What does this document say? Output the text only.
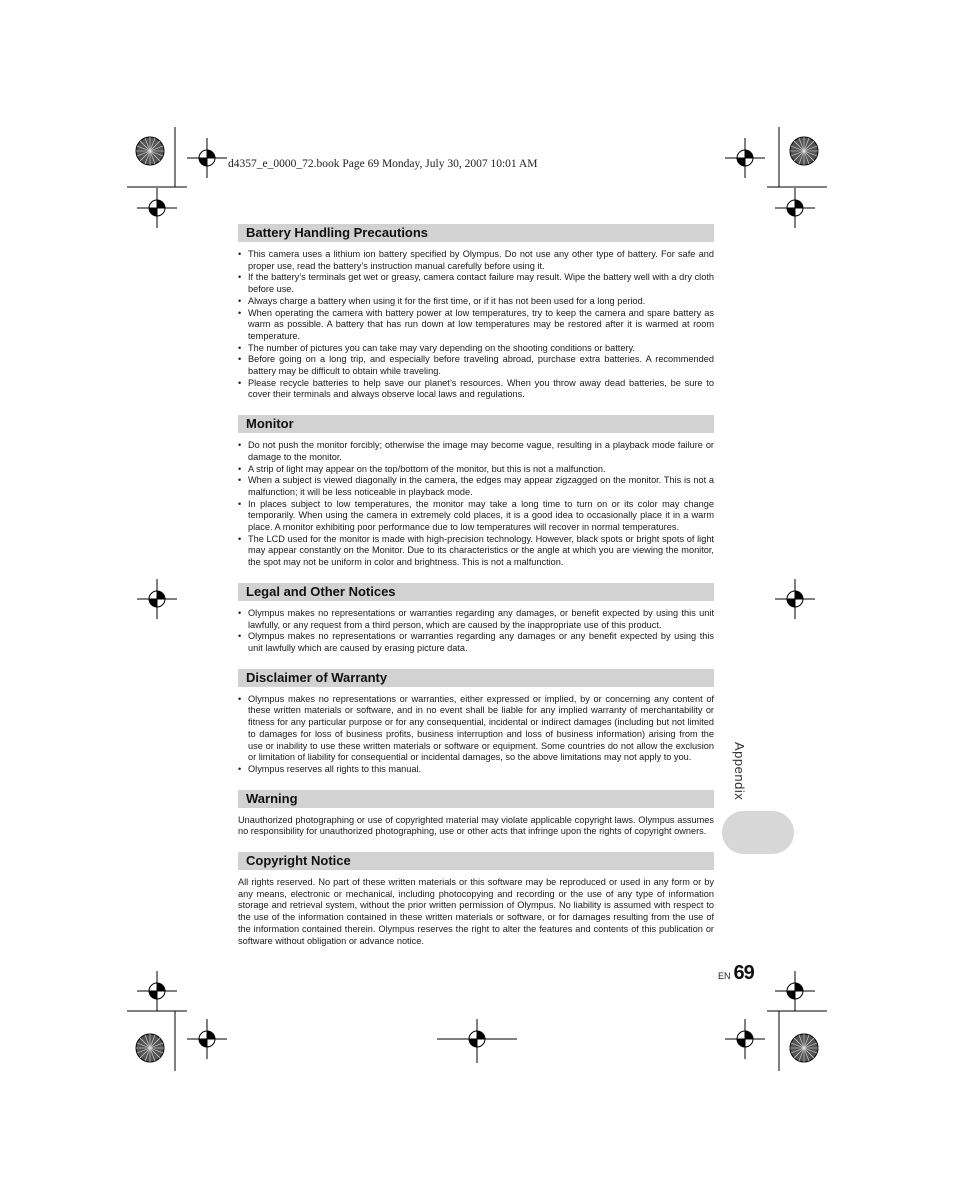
d4357_e_0000_72.book Page 69 Monday, July 30, 2007 10:01 AM
Battery Handling Precautions
• This camera uses a lithium ion battery specified by Olympus. Do not use any other type of battery. For safe and proper use, read the battery’s instruction manual carefully before using it.
• If the battery’s terminals get wet or greasy, camera contact failure may result. Wipe the battery well with a dry cloth before use.
• Always charge a battery when using it for the first time, or if it has not been used for a long period.
• When operating the camera with battery power at low temperatures, try to keep the camera and spare battery as warm as possible. A battery that has run down at low temperatures may be restored after it is warmed at room temperature.
• The number of pictures you can take may vary depending on the shooting conditions or battery.
• Before going on a long trip, and especially before traveling abroad, purchase extra batteries. A recommended battery may be difficult to obtain while traveling.
• Please recycle batteries to help save our planet’s resources. When you throw away dead batteries, be sure to cover their terminals and always observe local laws and regulations.
Monitor
• Do not push the monitor forcibly; otherwise the image may become vague, resulting in a playback mode failure or damage to the monitor.
• A strip of light may appear on the top/bottom of the monitor, but this is not a malfunction.
• When a subject is viewed diagonally in the camera, the edges may appear zigzagged on the monitor. This is not a malfunction; it will be less noticeable in playback mode.
• In places subject to low temperatures, the monitor may take a long time to turn on or its color may change temporarily. When using the camera in extremely cold places, it is a good idea to occasionally place it in a warm place. A monitor exhibiting poor performance due to low temperatures will recover in normal temperatures.
• The LCD used for the monitor is made with high-precision technology. However, black spots or bright spots of light may appear constantly on the Monitor. Due to its characteristics or the angle at which you are viewing the monitor, the spot may not be uniform in color and brightness. This is not a malfunction.
Legal and Other Notices
• Olympus makes no representations or warranties regarding any damages, or benefit expected by using this unit lawfully, or any request from a third person, which are caused by the inappropriate use of this product.
• Olympus makes no representations or warranties regarding any damages or any benefit expected by using this unit lawfully which are caused by erasing picture data.
Disclaimer of Warranty
• Olympus makes no representations or warranties, either expressed or implied, by or concerning any content of these written materials or software, and in no event shall be liable for any implied warranty of merchantability or fitness for any particular purpose or for any consequential, incidental or indirect damages (including but not limited to damages for loss of business profits, business interruption and loss of business information) arising from the use or inability to use these written materials or software or equipment. Some countries do not allow the exclusion or limitation of liability for consequential or incidental damages, so the above limitations may not apply to you.
• Olympus reserves all rights to this manual.
Warning

Unauthorized photographing or use of copyrighted material may violate applicable copyright laws. Olympus assumes no responsibility for unauthorized photographing, use or other acts that infringe upon the rights of copyright owners.

Copyright Notice

All rights reserved. No part of these written materials or this software may be reproduced or used in any form or by any means, electronic or mechanical, including photocopying and recording or the use of any type of information storage and retrieval system, without the prior written permission of Olympus. No liability is assumed with respect to the use of the information contained in these written materials or software, or for damages resulting from the use of the information contained therein. Olympus reserves the right to alter the features and contents of this publication or software without obligation or advance notice.

Appendix
EN 69
